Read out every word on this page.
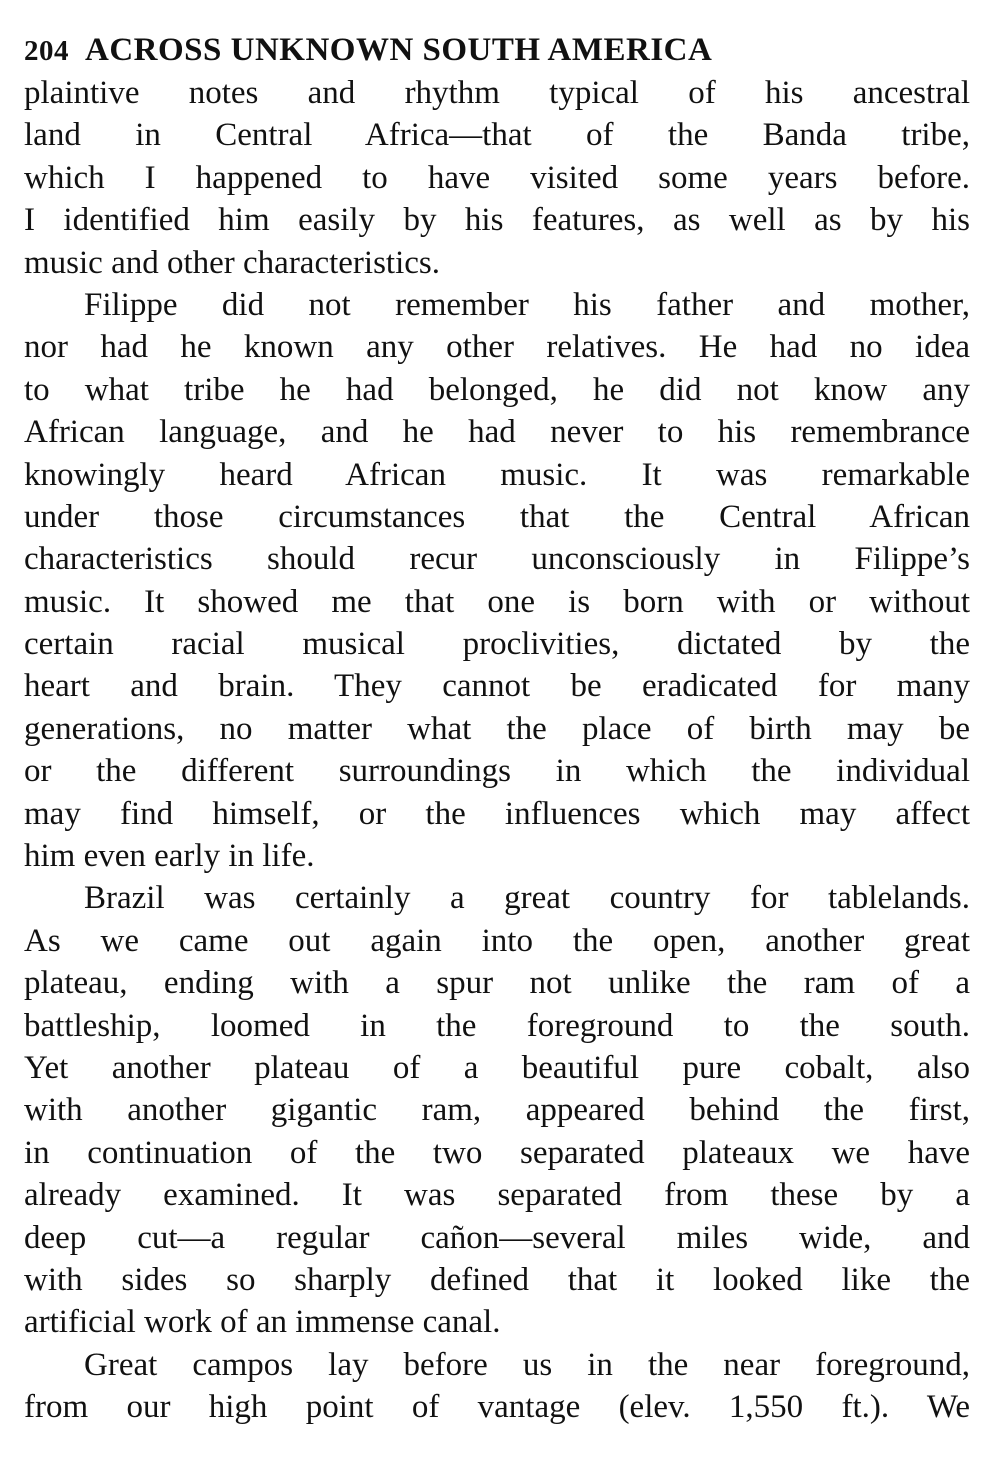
204 ACROSS UNKNOWN SOUTH AMERICA
plaintive notes and rhythm typical of his ancestral
land in Central Africa—that of the Banda tribe,
which I happened to have visited some years before.
I identified him easily by his features, as well as by his
music and other characteristics.
Filippe did not remember his father and mother,
nor had he known any other relatives. He had no idea
to what tribe he had belonged, he did not know any
African language, and he had never to his remembrance
knowingly heard African music. It was remarkable
under those circumstances that the Central African
characteristics should recur unconsciously in Filippe’s
music. It showed me that one is born with or without
certain racial musical proclivities, dictated by the
heart and brain. They cannot be eradicated for many
generations, no matter what the place of birth may be
or the different surroundings in which the individual
may find himself, or the influences which may affect
him even early in life.
Brazil was certainly a great country for tablelands.
As we came out again into the open, another great
plateau, ending with a spur not unlike the ram of a
battleship, loomed in the foreground to the south.
Yet another plateau of a beautiful pure cobalt, also
with another gigantic ram, appeared behind the first,
in continuation of the two separated plateaux we have
already examined. It was separated from these by a
deep cut—a regular cañon—several miles wide, and
with sides so sharply defined that it looked like the
artificial work of an immense canal.
Great campos lay before us in the near foreground,
from our high point of vantage (elev. 1,550 ft.). We
